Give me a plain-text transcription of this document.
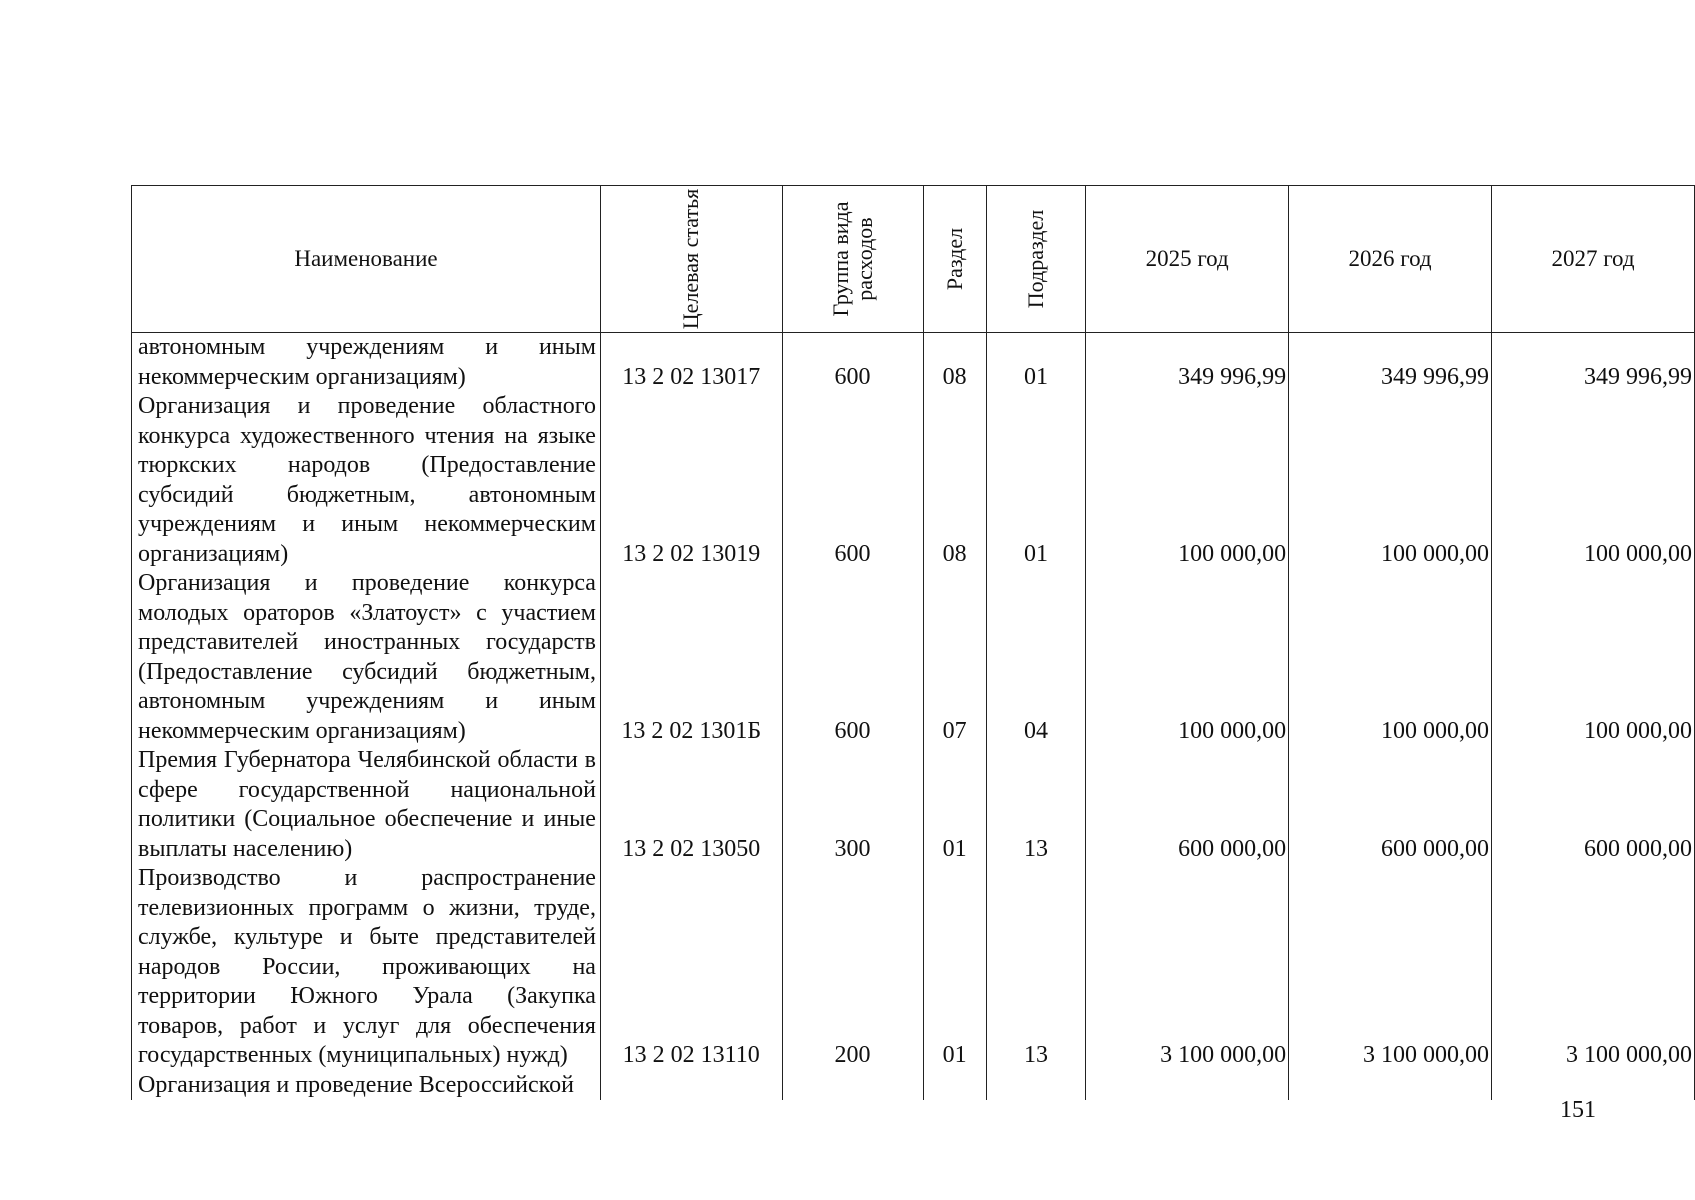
Наименование	Целевая статья	Группа вида расходов	Раздел	Подраздел	2025 год	2026 год	2027 год

автономным учреждениям и иным некоммерческим организациям)	13 2 02 13017	600	08	01	349 996,99	349 996,99	349 996,99

Организация и проведение областного конкурса художественного чтения на языке тюркских народов (Предоставление субсидий бюджетным, автономным учреждениям и иным некоммерческим организациям)	13 2 02 13019	600	08	01	100 000,00	100 000,00	100 000,00

Организация и проведение конкурса молодых ораторов «Златоуст» с участием представителей иностранных государств (Предоставление субсидий бюджетным, автономным учреждениям и иным некоммерческим организациям)	13 2 02 1301Б	600	07	04	100 000,00	100 000,00	100 000,00

Премия Губернатора Челябинской области в сфере государственной национальной политики (Социальное обеспечение и иные выплаты населению)	13 2 02 13050	300	01	13	600 000,00	600 000,00	600 000,00

Производство и распространение телевизионных программ о жизни, труде, службе, культуре и быте представителей народов России, проживающих на территории Южного Урала (Закупка товаров, работ и услуг для обеспечения государственных (муниципальных) нужд)	13 2 02 13110	200	01	13	3 100 000,00	3 100 000,00	3 100 000,00

Организация и проведение Всероссийской							

151
